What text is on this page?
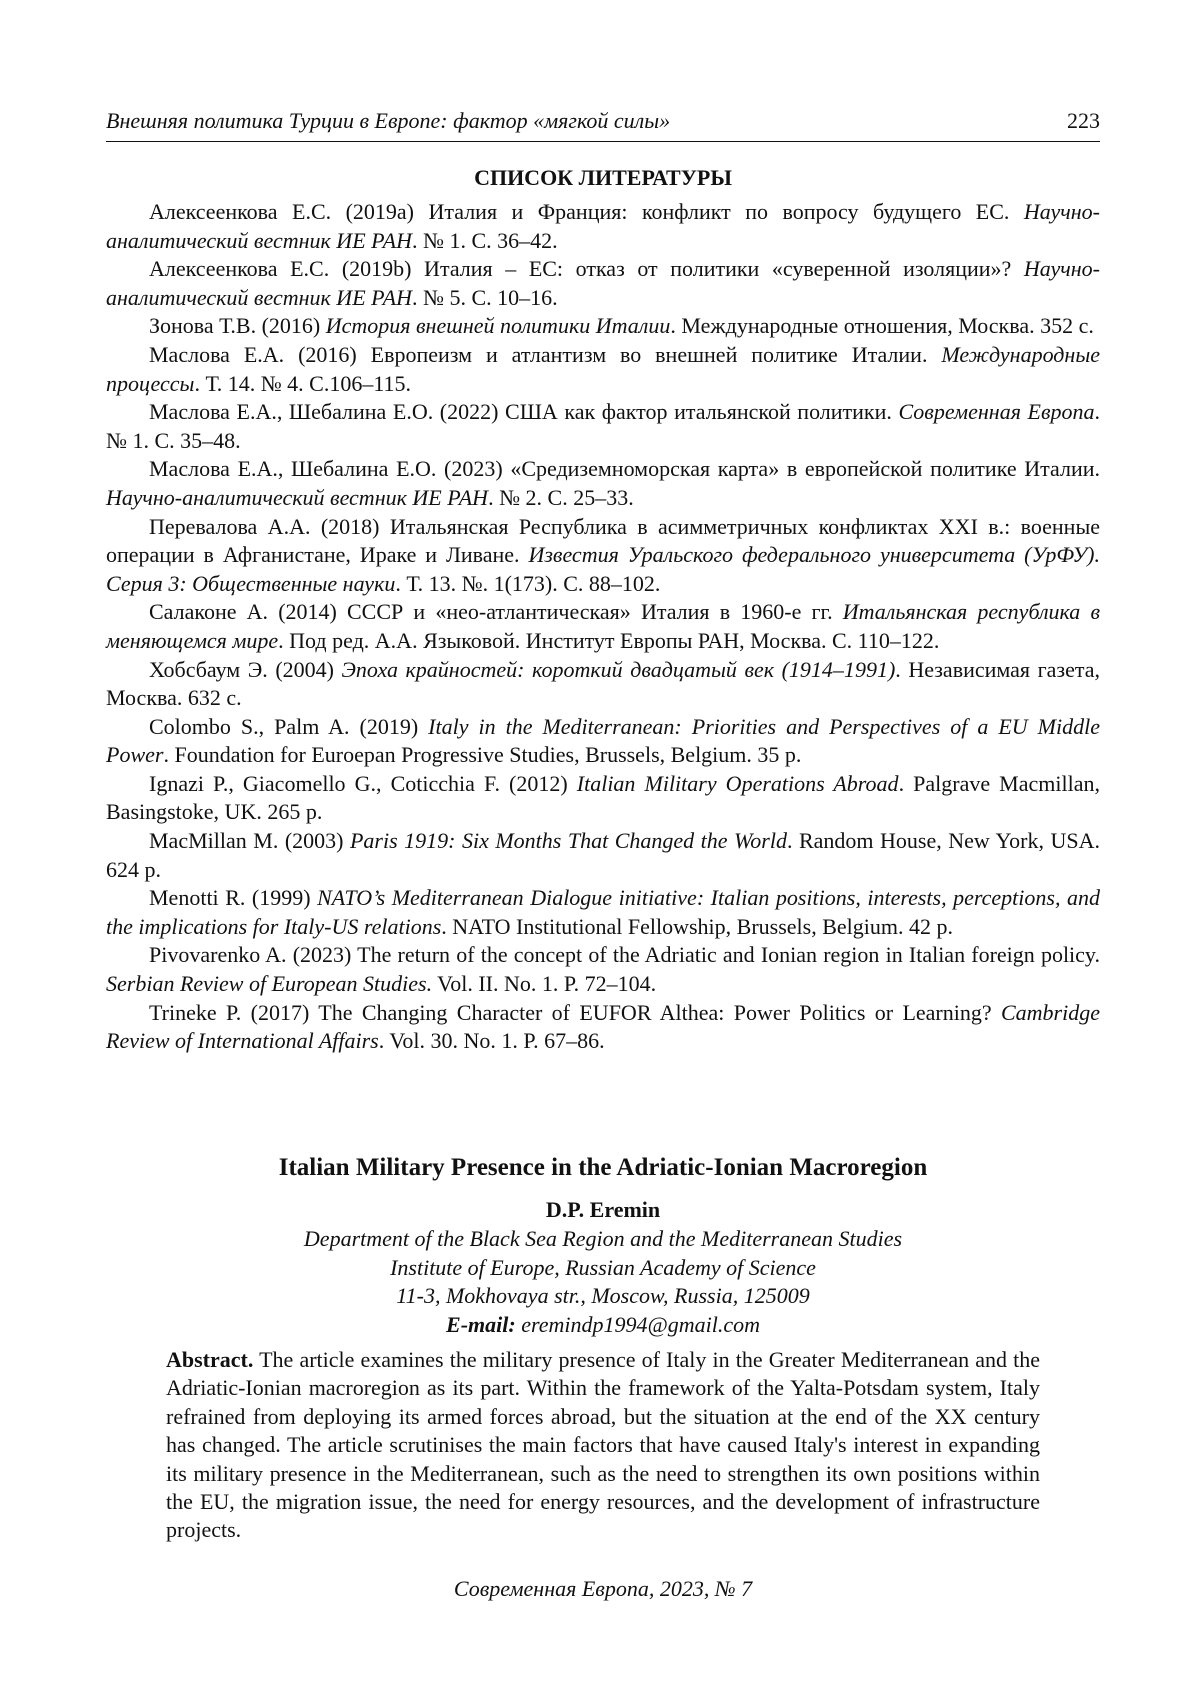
Внешняя политика Турции в Европе: фактор «мягкой силы»	223
СПИСОК ЛИТЕРАТУРЫ

Алексеенкова Е.С. (2019a) Италия и Франция: конфликт по вопросу будущего ЕС. Научно-аналитический вестник ИЕ РАН. № 1. С. 36–42.

Алексеенкова Е.С. (2019b) Италия – ЕС: отказ от политики «суверенной изоляции»? Научно-аналитический вестник ИЕ РАН. № 5. С. 10–16.

Зонова Т.В. (2016) История внешней политики Италии. Международные отношения, Москва. 352 с.

Маслова Е.А. (2016) Европеизм и атлантизм во внешней политике Италии. Международные процессы. Т. 14. № 4. С.106–115.

Маслова Е.А., Шебалина Е.О. (2022) США как фактор итальянской политики. Современная Европа. № 1. С. 35–48.

Маслова Е.А., Шебалина Е.О. (2023) «Средиземноморская карта» в европейской политике Италии. Научно-аналитический вестник ИЕ РАН. № 2. С. 25–33.

Перевалова А.А. (2018) Итальянская Республика в асимметричных конфликтах XXI в.: военные операции в Афганистане, Ираке и Ливане. Известия Уральского федерального университета (УрФУ). Серия 3: Общественные науки. Т. 13. №. 1(173). С. 88–102.

Салаконе А. (2014) СССР и «нео-атлантическая» Италия в 1960-е гг. Итальянская республика в меняющемся мире. Под ред. А.А. Языковой. Институт Европы РАН, Москва. С. 110–122.

Хобсбаум Э. (2004) Эпоха крайностей: короткий двадцатый век (1914–1991). Независимая газета, Москва. 632 с.

Colombo S., Palm A. (2019) Italy in the Mediterranean: Priorities and Perspectives of a EU Middle Power. Foundation for Euroepan Progressive Studies, Brussels, Belgium. 35 p.

Ignazi P., Giacomello G., Coticchia F. (2012) Italian Military Operations Abroad. Palgrave Macmillan, Basingstoke, UK. 265 p.

MacMillan M. (2003) Paris 1919: Six Months That Changed the World. Random House, New York, USA. 624 p.

Menotti R. (1999) NATO’s Mediterranean Dialogue initiative: Italian positions, interests, perceptions, and the implications for Italy-US relations. NATO Institutional Fellowship, Brussels, Belgium. 42 p.

Pivovarenko A. (2023) The return of the concept of the Adriatic and Ionian region in Italian foreign policy. Serbian Review of European Studies. Vol. II. No. 1. P. 72–104.

Trineke P. (2017) The Changing Character of EUFOR Althea: Power Politics or Learning? Cambridge Review of International Affairs. Vol. 30. No. 1. P. 67–86.

Italian Military Presence in the Adriatic-Ionian Macroregion
D.P. Eremin
Department of the Black Sea Region and the Mediterranean Studies
Institute of Europe, Russian Academy of Science
11-3, Mokhovaya str., Moscow, Russia, 125009
E-mail: eremindp1994@gmail.com

Abstract. The article examines the military presence of Italy in the Greater Mediterranean and the Adriatic-Ionian macroregion as its part. Within the framework of the Yalta-Potsdam system, Italy refrained from deploying its armed forces abroad, but the situation at the end of the XX century has changed. The article scrutinises the main factors that have caused Italy's interest in expanding its military presence in the Mediterranean, such as the need to strengthen its own positions within the EU, the migration issue, the need for energy resources, and the development of infrastructure projects.

Современная Европа, 2023, № 7
